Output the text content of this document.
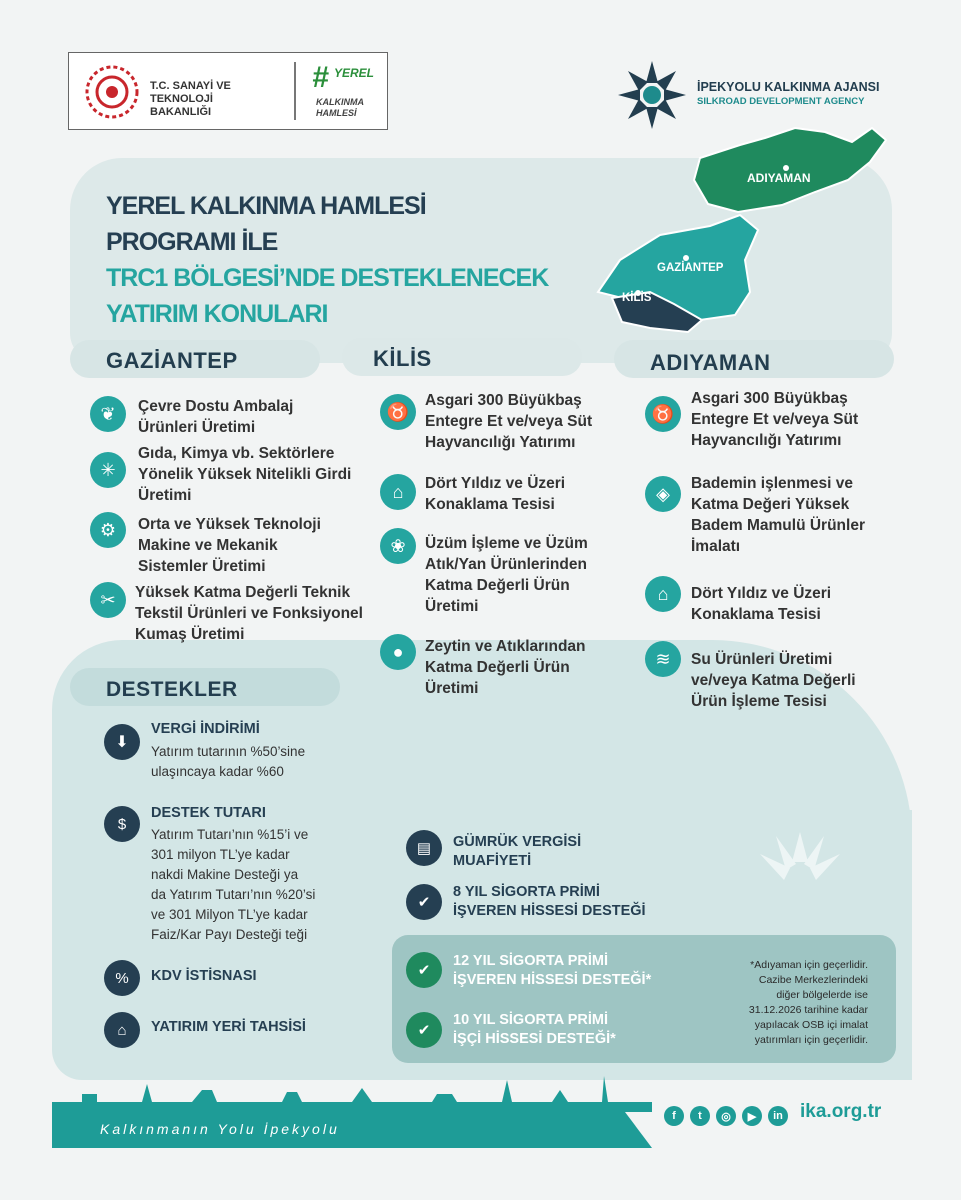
T.C. SANAYİ VE TEKNOLOJİ BAKANLIĞI
# YEREL
KALKINMA
HAMLESİ
İPEKYOLU KALKINMA AJANSI
SILKROAD DEVELOPMENT AGENCY
ADIYAMAN
GAZİANTEP
KİLİS
YEREL KALKINMA HAMLESİ
PROGRAMI İLE
TRC1 BÖLGESİ’NDE DESTEKLENECEK
YATIRIM KONULARI
GAZİANTEP	KİLİS	ADIYAMAN
❦	Çevre Dostu Ambalaj
Ürünleri Üretimi
✳
Gıda, Kimya vb. Sektörlere
Yönelik Yüksek Nitelikli Girdi
Üretimi
⚙	Orta ve Yüksek Teknoloji
Makine ve Mekanik
Sistemler Üretimi
✂	Yüksek Katma Değerli Teknik
Tekstil Ürünleri ve Fonksiyonel
Kumaş Üretimi
♉
Asgari 300 Büyükbaş
Entegre Et ve/veya Süt
Hayvancılığı Yatırımı
⌂	Dört Yıldız ve Üzeri
Konaklama Tesisi
❀	Üzüm İşleme ve Üzüm
Atık/Yan Ürünlerinden
Katma Değerli Ürün
Üretimi
●	Zeytin ve Atıklarından
Katma Değerli Ürün
Üretimi
♉
Asgari 300 Büyükbaş
Entegre Et ve/veya Süt
Hayvancılığı Yatırımı
◈	Bademin işlenmesi ve
Katma Değeri Yüksek
Badem Mamulü Ürünler
İmalatı
⌂	Dört Yıldız ve Üzeri
Konaklama Tesisi
≋	Su Ürünleri Üretimi
ve/veya Katma Değerli
Ürün İşleme Tesisi
DESTEKLER
⬇
VERGİ İNDİRİMİ
Yatırım tutarının %50’sine
ulaşıncaya kadar %60
$
DESTEK TUTARI
Yatırım Tutarı’nın %15’i ve
301 milyon TL’ye kadar
nakdi Makine Desteği ya
da Yatırım Tutarı’nın %20’si
ve 301 Milyon TL’ye kadar
Faiz/Kar Payı Desteği teği
%	KDV İSTİSNASI
⌂	YATIRIM YERİ TAHSİSİ
▤	GÜMRÜK VERGİSİ
MUAFİYETİ
✔
8 YIL SİGORTA PRİMİ
İŞVEREN HİSSESİ DESTEĞİ
✔
12 YIL SİGORTA PRİMİ
İŞVEREN HİSSESİ DESTEĞİ*
✔
10 YIL SİGORTA PRİMİ
İŞÇİ HİSSESİ DESTEĞİ*
*Adıyaman için geçerlidir.
Cazibe Merkezlerindeki
diğer bölgelerde ise
31.12.2026 tarihine kadar
yapılacak OSB içi imalat
yatırımları için geçerlidir.
Kalkınmanın Yolu İpekyolu
f	t	◎	▶	in ika.org.tr
